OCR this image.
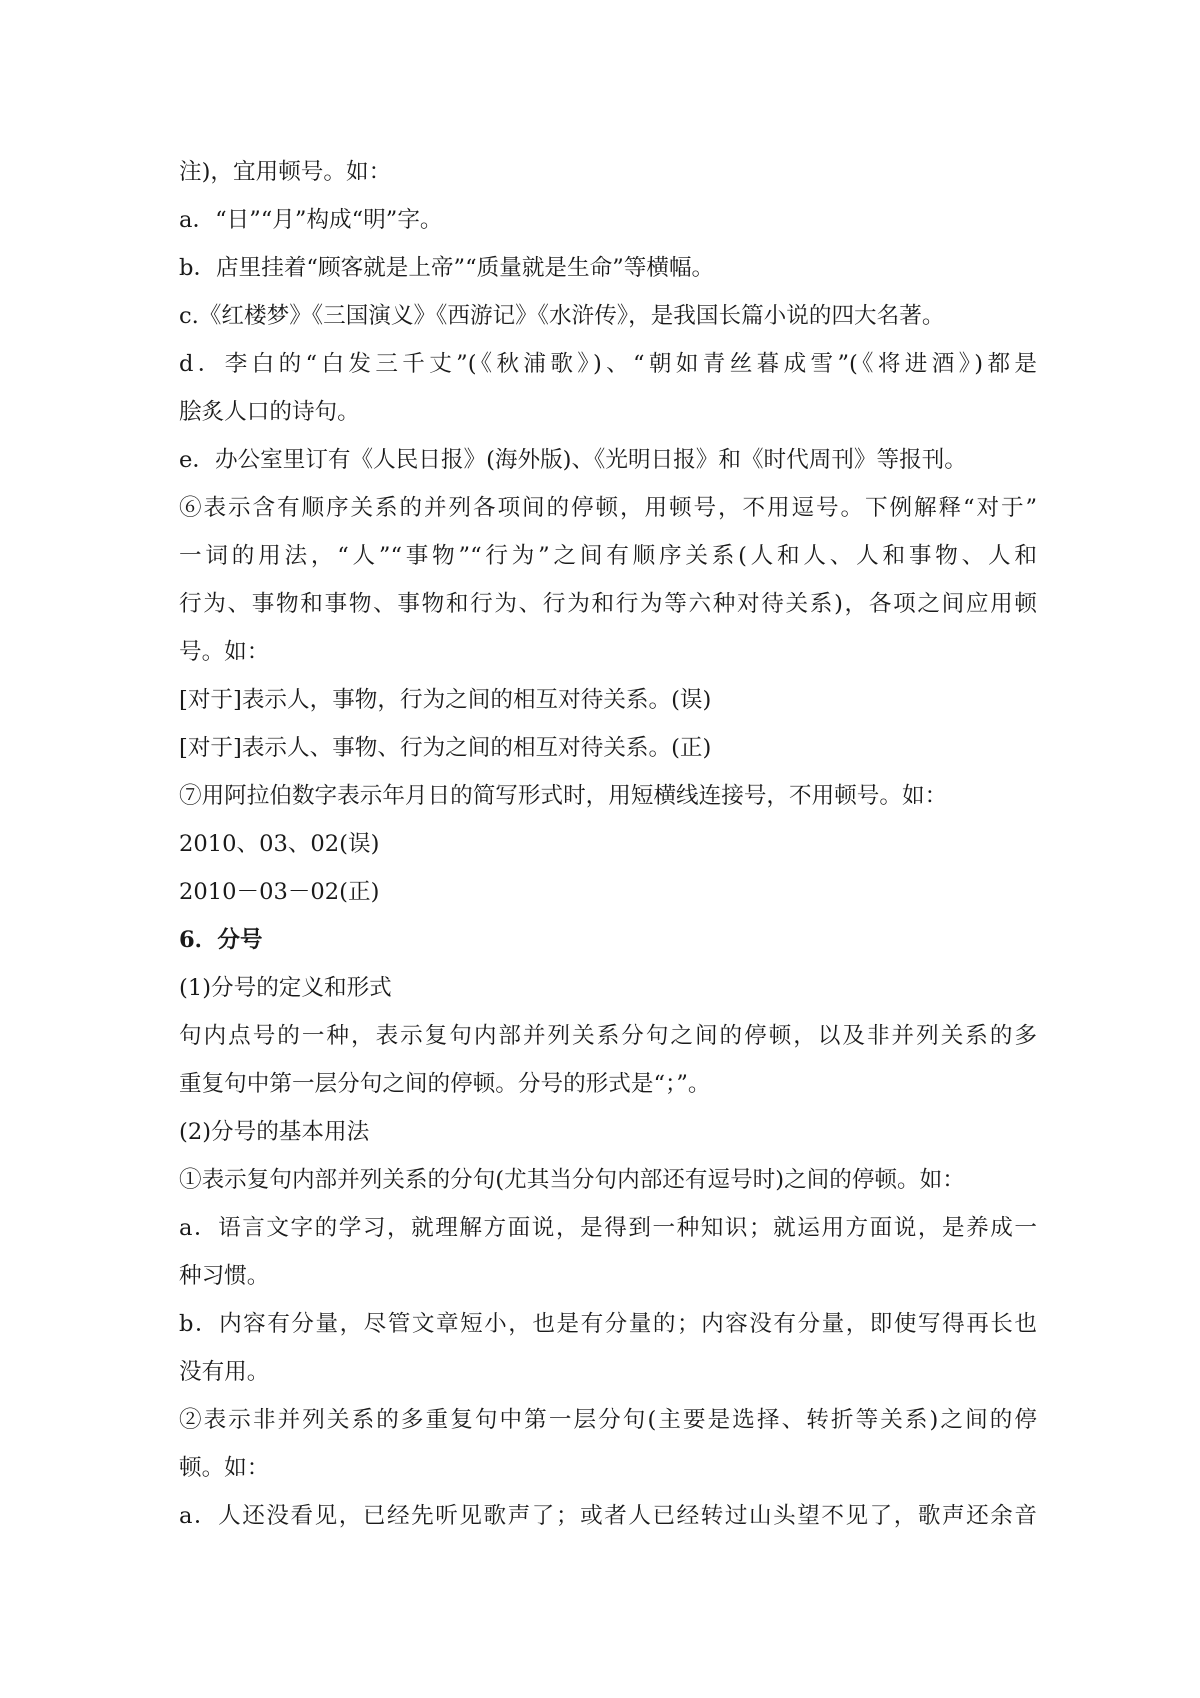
注)，宜用顿号。如：
a．“日”“月”构成“明”字。
b．店里挂着“顾客就是上帝”“质量就是生命”等横幅。
c.《红楼梦》《三国演义》《西游记》《水浒传》，是我国长篇小说的四大名著。
d．李白的“白发三千丈”(《秋浦歌》)、“朝如青丝暮成雪”(《将进酒》)都是
脍炙人口的诗句。
e．办公室里订有《人民日报》(海外版)、《光明日报》和《时代周刊》等报刊。
⑥表示含有顺序关系的并列各项间的停顿，用顿号，不用逗号。下例解释“对于”
一词的用法，“人”“事物”“行为”之间有顺序关系(人和人、人和事物、人和
行为、事物和事物、事物和行为、行为和行为等六种对待关系)，各项之间应用顿
号。如：
[对于]表示人，事物，行为之间的相互对待关系。(误)
[对于]表示人、事物、行为之间的相互对待关系。(正)
⑦用阿拉伯数字表示年月日的简写形式时，用短横线连接号，不用顿号。如：
2010、03、02(误)
2010－03－02(正)
6．分号
(1)分号的定义和形式
句内点号的一种，表示复句内部并列关系分句之间的停顿，以及非并列关系的多
重复句中第一层分句之间的停顿。分号的形式是“；”。
(2)分号的基本用法
①表示复句内部并列关系的分句(尤其当分句内部还有逗号时)之间的停顿。如：
a．语言文字的学习，就理解方面说，是得到一种知识；就运用方面说，是养成一
种习惯。
b．内容有分量，尽管文章短小，也是有分量的；内容没有分量，即使写得再长也
没有用。
②表示非并列关系的多重复句中第一层分句(主要是选择、转折等关系)之间的停
顿。如：
a．人还没看见，已经先听见歌声了；或者人已经转过山头望不见了，歌声还余音
